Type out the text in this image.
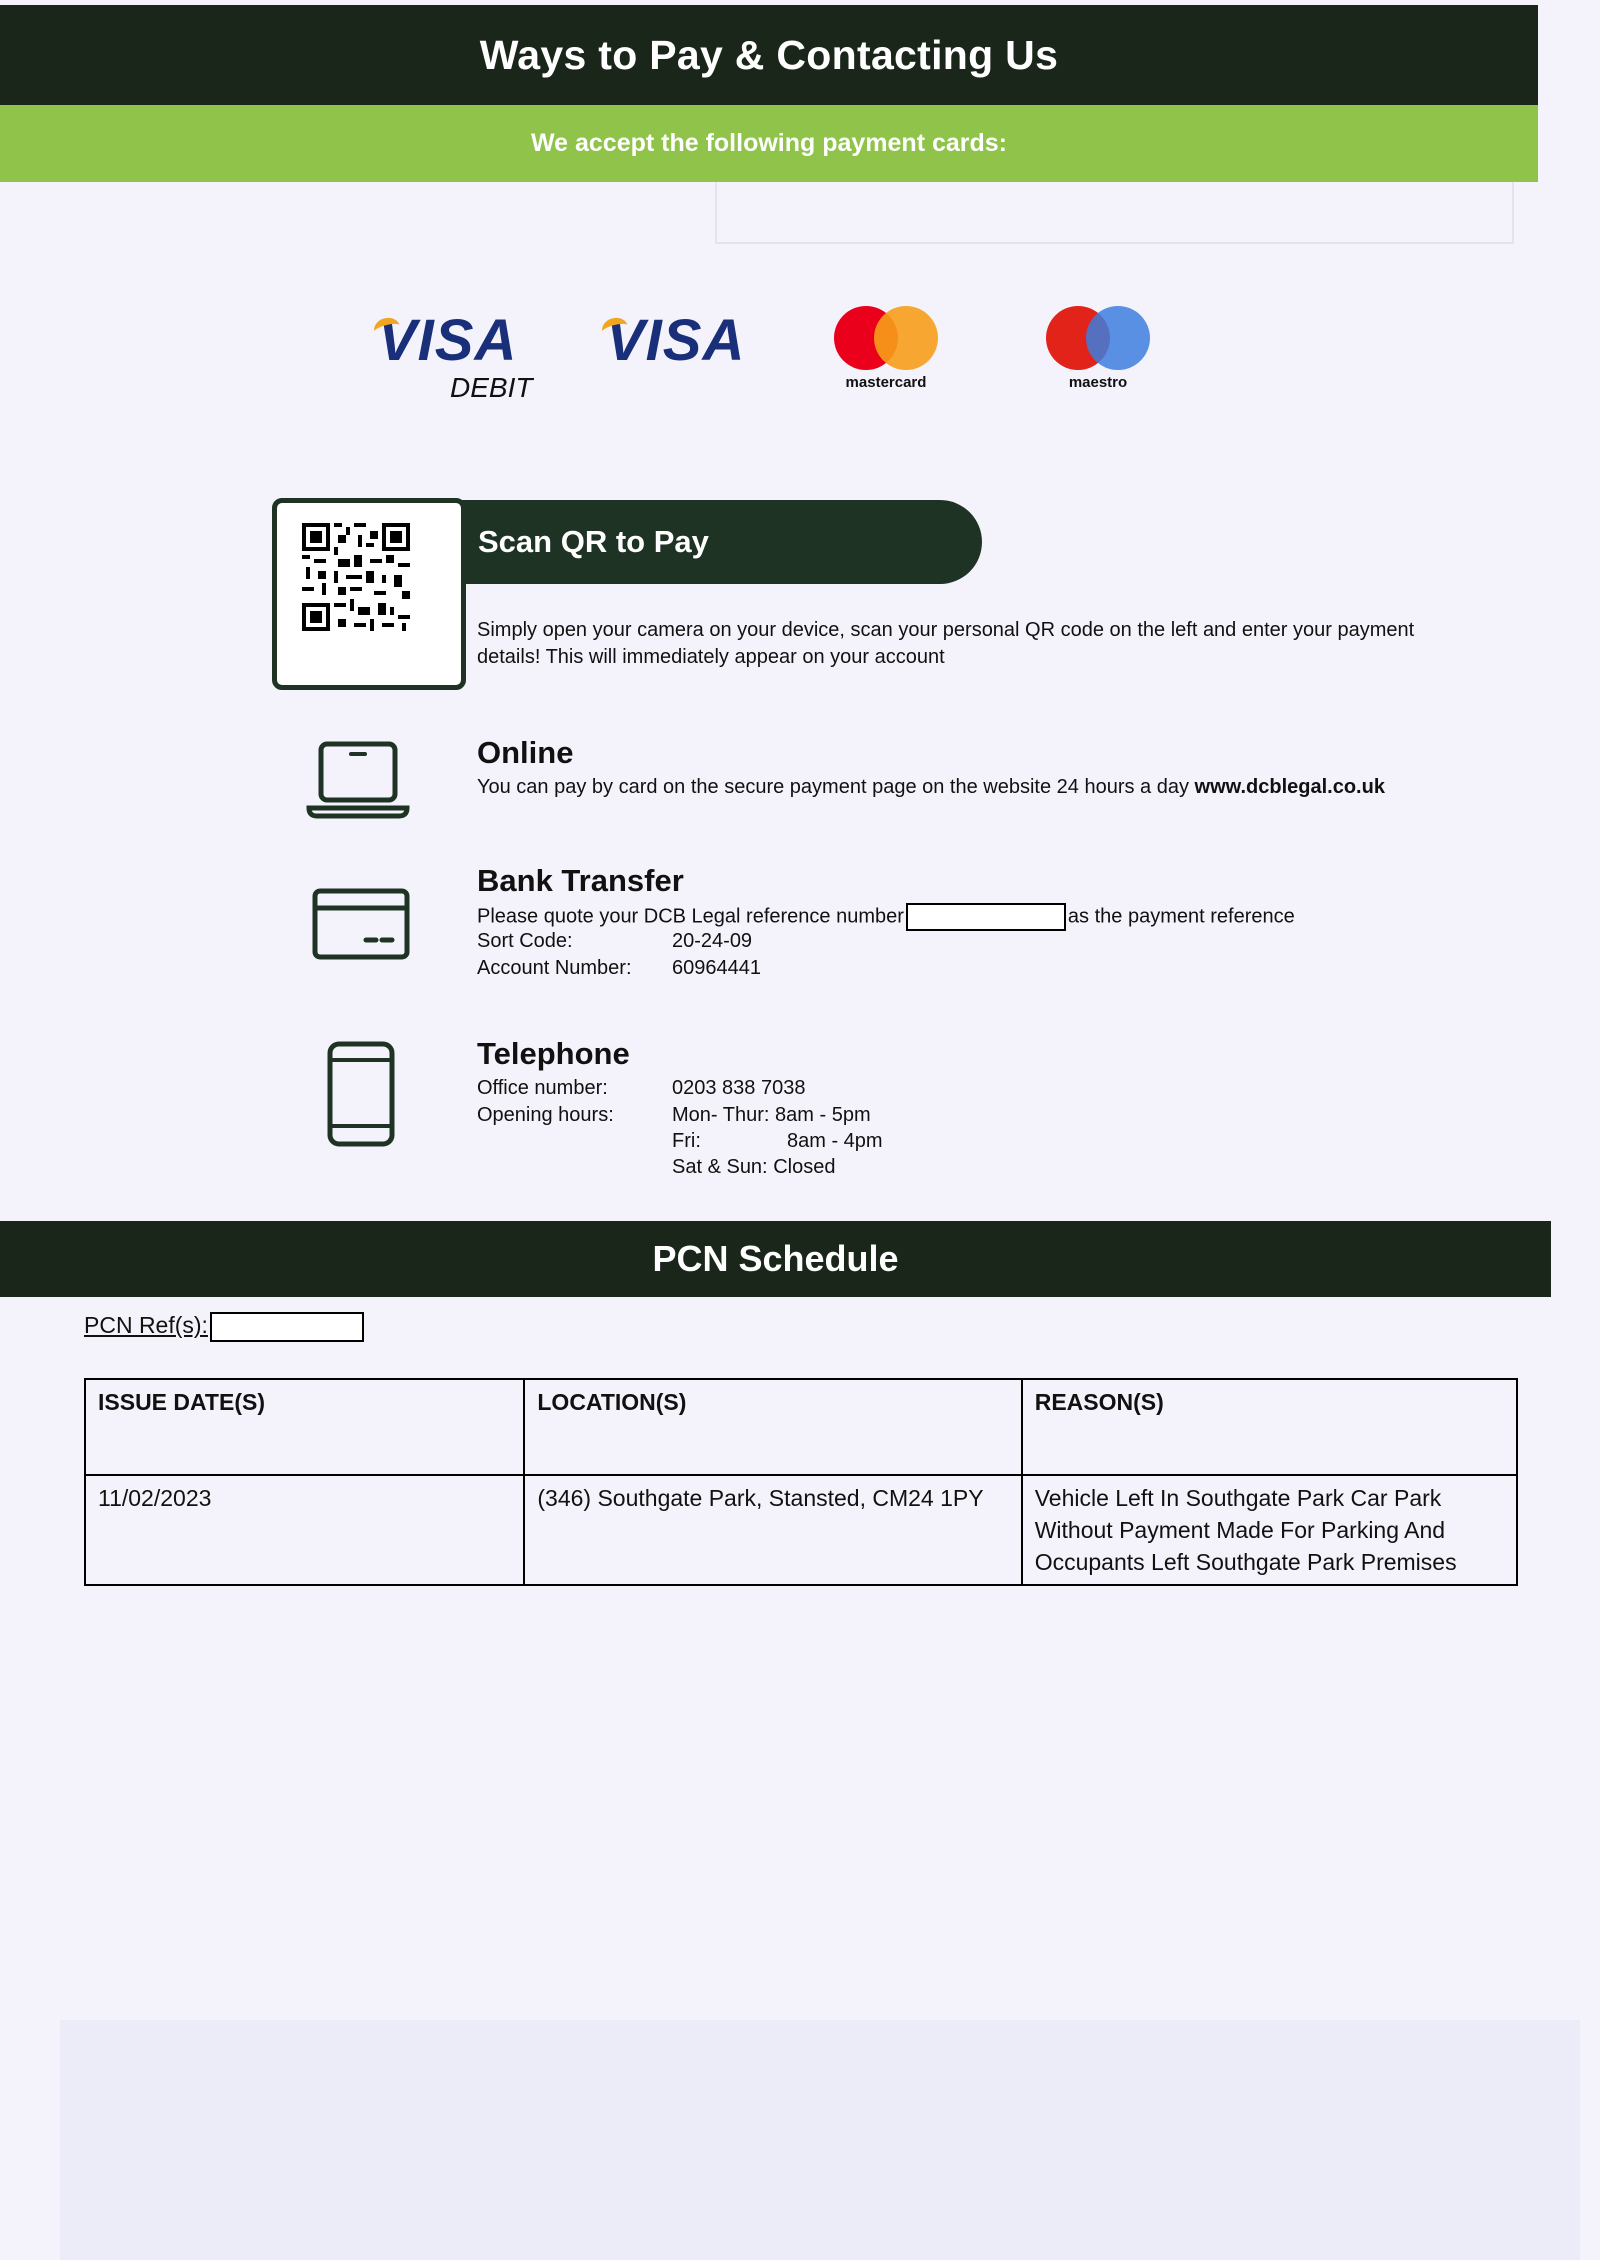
Ways to Pay & Contacting Us
We accept the following payment cards:
VISA
DEBIT
VISA
mastercard	maestro
Scan QR to Pay
Simply open your camera on your device, scan your personal QR code on the left and enter your payment details! This will immediately appear on your account
Online
You can pay by card on the secure payment page on the website 24 hours a day www.dcblegal.co.uk
Bank Transfer
Please quote your DCB Legal reference number	as the payment reference
Sort Code:	20-24-09
Account Number: 60964441
Telephone
Office number:	0203 838 7038
Opening hours:	Mon- Thur: 8am - 5pm
Fri:	8am - 4pm
Sat & Sun: Closed
PCN Schedule
PCN Ref(s):
ISSUE DATE(S)	LOCATION(S)	REASON(S)
11/02/2023	(346) Southgate Park, Stansted, CM24 1PY	Vehicle Left In Southgate Park Car Park Without Payment Made For Parking And Occupants Left Southgate Park Premises
